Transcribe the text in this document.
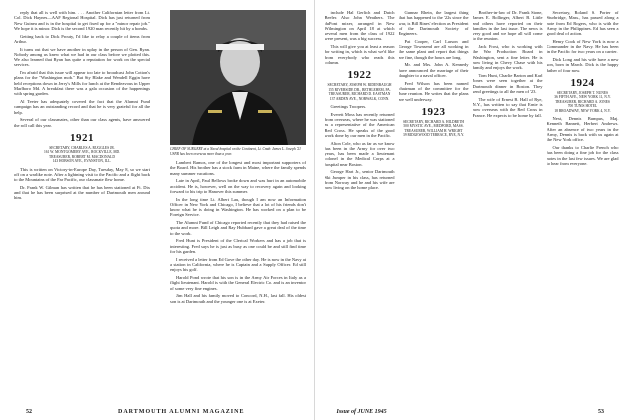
reply that all is well with him. . . . Another Californian letter from Lt. Col. Dick Haynes—AAF Regional Hospital. Dick has just returned from New Guinea and is in the hospital to get fixed up for a "minor repair job." We hope it is minor. Dick is the second 1920 man recently hit by a bombs.

Getting back to Dick Prouty, I'd like to relay a couple of items from Arthur.

It turns out that we have another in uplay in the person of Gen. Ryan. Nobody among us knew what we had in our class before we plotted this. We also learned that Ryan has quite a reputation for work on the special services.

I'm afraid that this issue will appear too late to broadcast John Cotton's plans for the "Washington mob." But Sty Blake and Wendell Eggin have held receptions down in Jerry's Mills for lunch at the Rendezvous in Upper Marlboro Md. A breakfast there was a gala occasion of the happenings with spring garden.

Al Teeter has adequately covered the fact that the Alumni Fund campaign has an outstanding record and that he is very grateful for all the help.

Several of our classmates, other than our class agents, have answered the roll call this year.

1921
SECRETARY, CHARLES A. RUGGLES JR.
161 W. MONTGOMERY AVE., ROCKVILLE, MD.
TREASURER, ROBERT M. MACDONALD
143 HOBSON AVE., EVANSTON, ILL.

This is written on Victory-in-Europe Day, Tuesday, May 8, so we start off on a warlike note. After a lightning visit to the Pacific and a flight back to the Mountains of the Far Pacific, our classmate flew home.

Dr. Frank W. Gilman has written that he has been stationed at Ft. Dix and that he has been surprised at the number of Dartmouth men around him.

Lambert Ramos, one of the longest and most important supporters of the Board. His brother has a stock farm in Maine, where the family spends many summer vacations.

Late in April, Paul Bellows broke down and was hurt in an automobile accident. He is, however, well on the way to recovery again and looking forward to his trip to Hanover this summer.

In the long time Lt. Albert Lau, though I am now an Information Officer in New York and Chicago, I believe that a lot of his friends don't know what he is doing in Washington. He has worked on a plan to be Foreign Service.

The Alumni Fund of Chicago reported recently that they had raised the quota and more. Bill Leigh and Ray Hubbard gave a great deal of the time to the work.

Fred Hunt is President of the Clerical Workers and has a job that is interesting. Fred says he is just as busy as one could be and still find time for his garden.

I received a letter from Ed Gove the other day. He is now in the Navy at a station in California, where he is Captain and a Supply Officer. Ed still enjoys his golf.

Harold Pond wrote that his son is in the Army Air Forces in Italy as a flight lieutenant. Harold is with the General Electric Co. and is an inventor of some very fine engines.

Jim Hall and his family moved to Concord, N.H., last fall. His oldest son is at Dartmouth and the younger one is at Exeter.

CHIEF OF SURGERY at a Naval hospital on the Continent, Lt. Cmdr. James L. Joseph '21 USNR has been overseas more than a year.
52	DARTMOUTH ALUMNI MAGAZINE

include Hal Gerlich and Dutch Beeler. Also John Weathers. The duPont mixer, arranged in New Wilmington on April 18 at which several men from the class of 1922 were present, was a big success.

This will give you at least a reason for writing in, which is what we'd like from everybody who reads this column.

1922
SECRETARY, JOSEPH W. RIDENBAUGH
155 RIVERSIDE DR., BETHLEHEM, PA.
TREASURER, RICHARD D. EASTMAN
137 ARDEN AVE., NORWALK, CONN.

Greetings Troopers.

Everett Moss has recently returned from overseas, where he was stationed as a representative of the American Red Cross. He speaks of the good work done by our men in the Pacific.

Alton Cole, who as far as we know has been in the Army for over two years, has been made a lieutenant colonel in the Medical Corps at a hospital near Boston.

George Hart Jr., senior Dartmouth Ski Jumper in his class, has returned from Norway and he and his wife are now living on the home place.

Gunnar Rhein, the largest thing that has happened to the '22s since the war, is Bill Rines' election as President of the Dartmouth Society of Engineers.

Pat Cooper, Carl Larson and George Townsend are all working in the same plant and report that things are fine, though the hours are long.

Mr. and Mrs. John A. Kennedy have announced the marriage of their daughter to a naval officer.

Fred Wilson has been named chairman of the committee for the June reunion. He writes that the plans are well underway.

1923
SECRETARY, RICHARD A. HILDRETH
500 MYSTIC AVE., MEDFORD, MASS.
TREASURER, WILLIAM H. WRIGHT
39 RIDGEWOOD TERRACE, RYE, N.Y.

Brother-in-law of Dr. Frank Stone, James E. Bollinger, Albert B. Little and others have reported on their families in the last issue. The news is very good and we hope all will come to the reunion.

Jack Frost, who is working with the War Production Board in Washington, sent a fine letter. He is now living in Chevy Chase with his family and enjoys the work.

Tom Hunt, Charlie Barton and Karl Jones were seen together at the Dartmouth dinner in Boston. They send greetings to all the men of '23.

The wife of Ernest B. Hall of Rye, N.Y., has written to say that Ernie is now overseas with the Red Cross in France. He expects to be home by fall.

Secretary, Roland S. Porter of Sturbridge, Mass., has passed along a note from Ed Rogers, who is with the Army in the Philippines. Ed has seen a good deal of action.

Henry Cook of New York is now a Commander in the Navy. He has been in the Pacific for two years on a carrier.

Dick Long and his wife have a new son, born in March. Dick is the happy father of four now.

1924
SECRETARY, JOSEPH T. NUNES
36 FIFTH AVE., NEW YORK 11, N.Y.
TREASURER, RICHARD A. JONES
700 TUNIS HOTEL
18 BROADWAY, NEW YORK 4, N.Y.

Next, Dennis Bumpus, Maj. Kenneth Bannett, Herbert Andrews. After an absence of two years in the Army, Dennis is back with us again at the New York office.

Our thanks to Charlie French who has been doing a fine job for the class notes in the last few issues. We are glad to hear from everyone.

Issue of JUNE 1945	53
